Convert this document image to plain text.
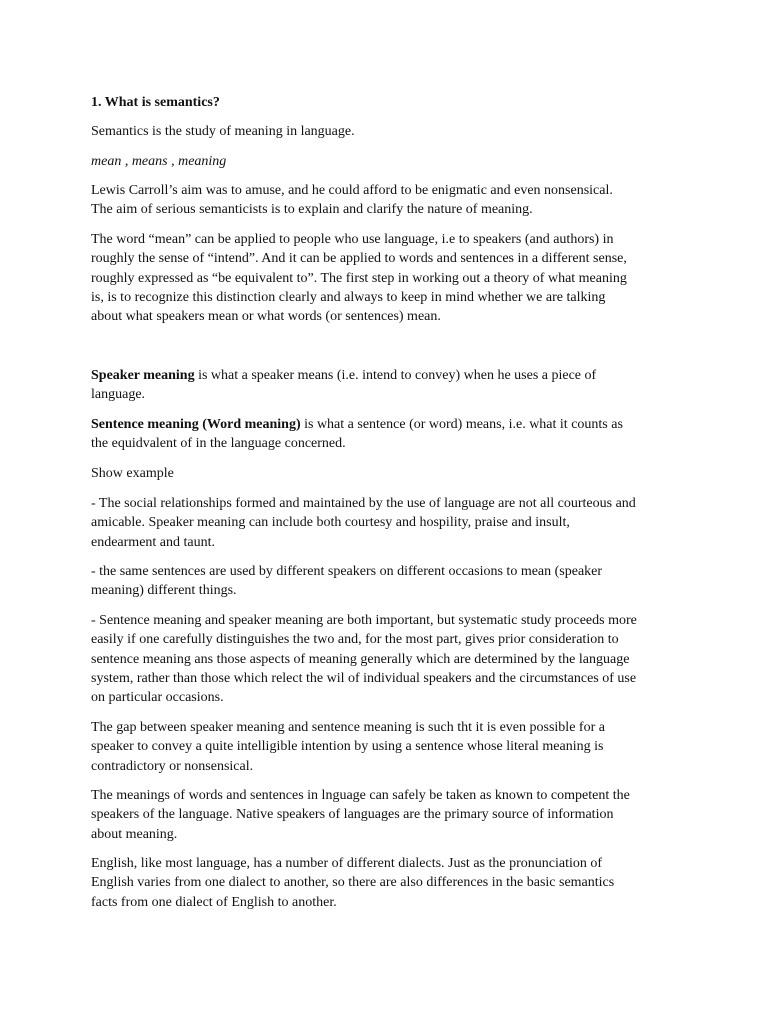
1. What is semantics?

Semantics is the study of meaning in language.

mean , means , meaning

Lewis Carroll’s aim was to amuse, and he could afford to be enigmatic and even nonsensical.
The aim of serious semanticists is to explain and clarify the nature of meaning.

The word “mean” can be applied to people who use language, i.e to speakers (and authors) in
roughly the sense of “intend”. And it can be applied to words and sentences in a different sense,
roughly expressed as “be equivalent to”. The first step in working out a theory of what meaning
is, is to recognize this distinction clearly and always to keep in mind whether we are talking
about what speakers mean or what words (or sentences) mean.

Speaker meaning is what a speaker means (i.e. intend to convey) when he uses a piece of
language.

Sentence meaning (Word meaning) is what a sentence (or word) means, i.e. what it counts as
the equidvalent of in the language concerned.

Show example

- The social relationships formed and maintained by the use of language are not all courteous and
amicable. Speaker meaning can include both courtesy and hospility, praise and insult,
endearment and taunt.

- the same sentences are used by different speakers on different occasions to mean (speaker
meaning) different things.

- Sentence meaning and speaker meaning are both important, but systematic study proceeds more
easily if one carefully distinguishes the two and, for the most part, gives prior consideration to
sentence meaning ans those aspects of meaning generally which are determined by the language
system, rather than those which relect the wil of individual speakers and the circumstances of use
on particular occasions.

The gap between speaker meaning and sentence meaning is such tht it is even possible for a
speaker to convey a quite intelligible intention by using a sentence whose literal meaning is
contradictory or nonsensical.

The meanings of words and sentences in lnguage can safely be taken as known to competent the
speakers of the language. Native speakers of languages are the primary source of information
about meaning.

English, like most language, has a number of different dialects. Just as the pronunciation of
English varies from one dialect to another, so there are also differences in the basic semantics
facts from one dialect of English to another.
